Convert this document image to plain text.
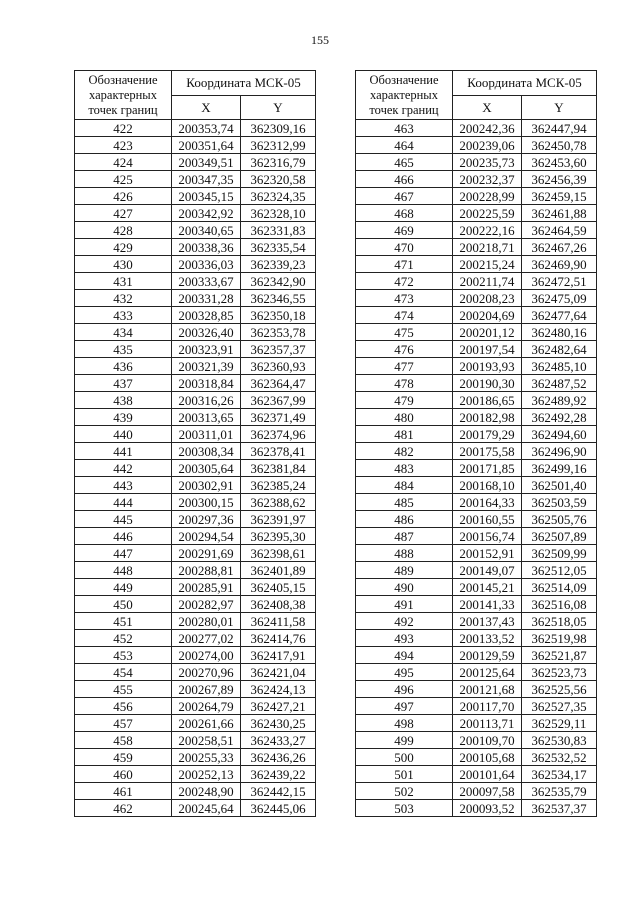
155
Обозначение характерных точек границ	Координата МСК-05	
	X	Y
422	200353,74	362309,16
423	200351,64	362312,99
424	200349,51	362316,79
425	200347,35	362320,58
426	200345,15	362324,35
427	200342,92	362328,10
428	200340,65	362331,83
429	200338,36	362335,54
430	200336,03	362339,23
431	200333,67	362342,90
432	200331,28	362346,55
433	200328,85	362350,18
434	200326,40	362353,78
435	200323,91	362357,37
436	200321,39	362360,93
437	200318,84	362364,47
438	200316,26	362367,99
439	200313,65	362371,49
440	200311,01	362374,96
441	200308,34	362378,41
442	200305,64	362381,84
443	200302,91	362385,24
444	200300,15	362388,62
445	200297,36	362391,97
446	200294,54	362395,30
447	200291,69	362398,61
448	200288,81	362401,89
449	200285,91	362405,15
450	200282,97	362408,38
451	200280,01	362411,58
452	200277,02	362414,76
453	200274,00	362417,91
454	200270,96	362421,04
455	200267,89	362424,13
456	200264,79	362427,21
457	200261,66	362430,25
458	200258,51	362433,27
459	200255,33	362436,26
460	200252,13	362439,22
461	200248,90	362442,15
462	200245,64	362445,06
Обозначение характерных точек границ	Координата МСК-05	
	X	Y
463	200242,36	362447,94
464	200239,06	362450,78
465	200235,73	362453,60
466	200232,37	362456,39
467	200228,99	362459,15
468	200225,59	362461,88
469	200222,16	362464,59
470	200218,71	362467,26
471	200215,24	362469,90
472	200211,74	362472,51
473	200208,23	362475,09
474	200204,69	362477,64
475	200201,12	362480,16
476	200197,54	362482,64
477	200193,93	362485,10
478	200190,30	362487,52
479	200186,65	362489,92
480	200182,98	362492,28
481	200179,29	362494,60
482	200175,58	362496,90
483	200171,85	362499,16
484	200168,10	362501,40
485	200164,33	362503,59
486	200160,55	362505,76
487	200156,74	362507,89
488	200152,91	362509,99
489	200149,07	362512,05
490	200145,21	362514,09
491	200141,33	362516,08
492	200137,43	362518,05
493	200133,52	362519,98
494	200129,59	362521,87
495	200125,64	362523,73
496	200121,68	362525,56
497	200117,70	362527,35
498	200113,71	362529,11
499	200109,70	362530,83
500	200105,68	362532,52
501	200101,64	362534,17
502	200097,58	362535,79
503	200093,52	362537,37
